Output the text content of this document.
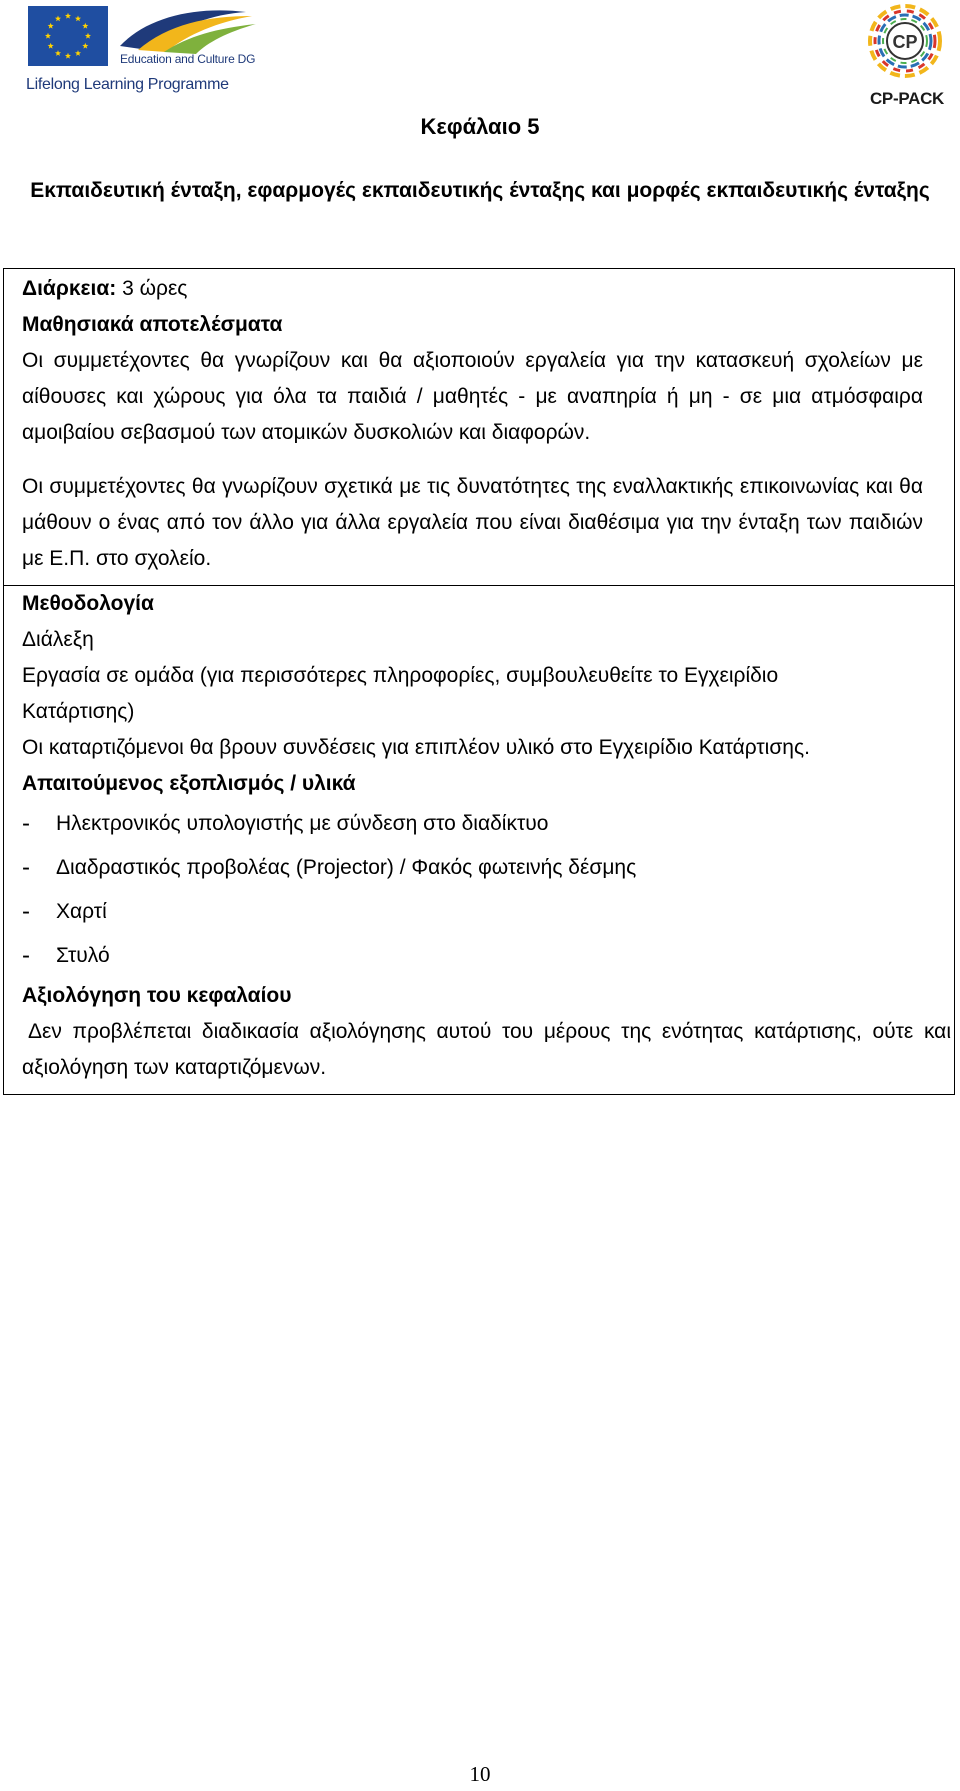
Education and Culture DG
Lifelong Learning Programme
CP
CP-PACK
Κεφάλαιο 5
Εκπαιδευτική ένταξη, εφαρμογές εκπαιδευτικής ένταξης και μορφές εκπαιδευτικής ένταξης

Διάρκεια: 3 ώρες

Μαθησιακά αποτελέσματα

Οι συμμετέχοντες θα γνωρίζουν και θα αξιοποιούν εργαλεία για την κατασκευή σχολείων με αίθουσες και χώρους για όλα τα παιδιά / μαθητές - με αναπηρία ή μη - σε μια ατμόσφαιρα αμοιβαίου σεβασμού των ατομικών δυσκολιών και διαφορών.

Οι συμμετέχοντες θα γνωρίζουν σχετικά με τις δυνατότητες της εναλλακτικής επικοινωνίας και θα μάθουν ο ένας από τον άλλο για άλλα εργαλεία που είναι διαθέσιμα για την ένταξη των παιδιών με Ε.Π. στο σχολείο.

Μεθοδολογία

Διάλεξη

Εργασία σε ομάδα (για περισσότερες πληροφορίες, συμβουλευθείτε το Εγχειρίδιο Κατάρτισης)

Οι καταρτιζόμενοι θα βρουν συνδέσεις για επιπλέον υλικό στο Εγχειρίδιο Κατάρτισης.

Απαιτούμενος εξοπλισμός / υλικά

- Ηλεκτρονικός υπολογιστής με σύνδεση στο διαδίκτυο
- Διαδραστικός προβολέας (Projector) / Φακός φωτεινής δέσμης
- Χαρτί
- Στυλό

Αξιολόγηση του κεφαλαίου

Δεν προβλέπεται διαδικασία αξιολόγησης αυτού του μέρους της ενότητας κατάρτισης, ούτε και αξιολόγηση των καταρτιζόμενων.

10
